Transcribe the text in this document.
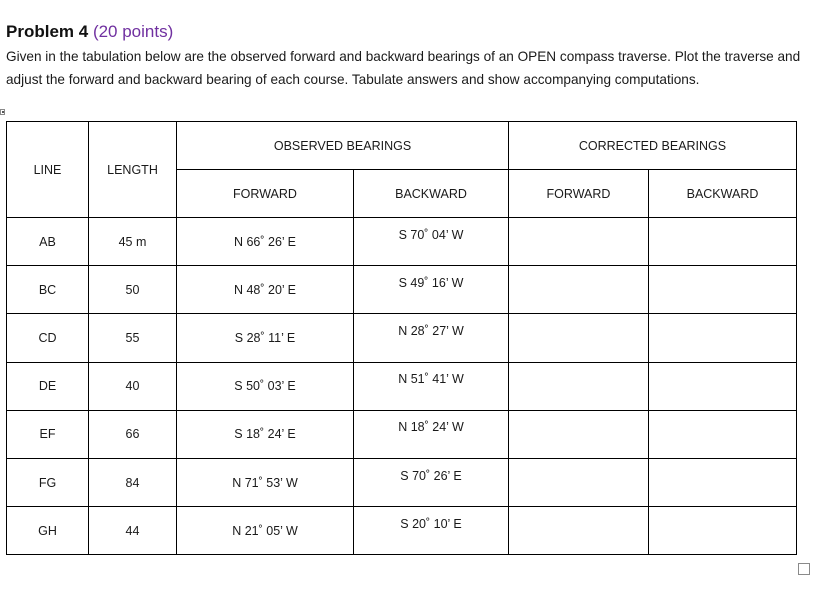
Problem 4 (20 points)
Given in the tabulation below are the observed forward and backward bearings of an OPEN compass traverse. Plot the traverse and adjust the forward and backward bearing of each course. Tabulate answers and show accompanying computations.
LINE	LENGTH	OBSERVED BEARINGS		CORRECTED BEARINGS	
		FORWARD	BACKWARD	FORWARD	BACKWARD
AB	45 m	N 66˚ 26’ E	S 70˚ 04’ W		
BC	50	N 48˚ 20’ E	S 49˚ 16’ W		
CD	55	S 28˚ 11’ E	N 28˚ 27’ W		
DE	40	S 50˚ 03’ E	N 51˚ 41’ W		
EF	66	S 18˚ 24’ E	N 18˚ 24’ W		
FG	84	N 71˚ 53’ W	S 70˚ 26’ E		
GH	44	N 21˚ 05’ W	S 20˚ 10’ E		
